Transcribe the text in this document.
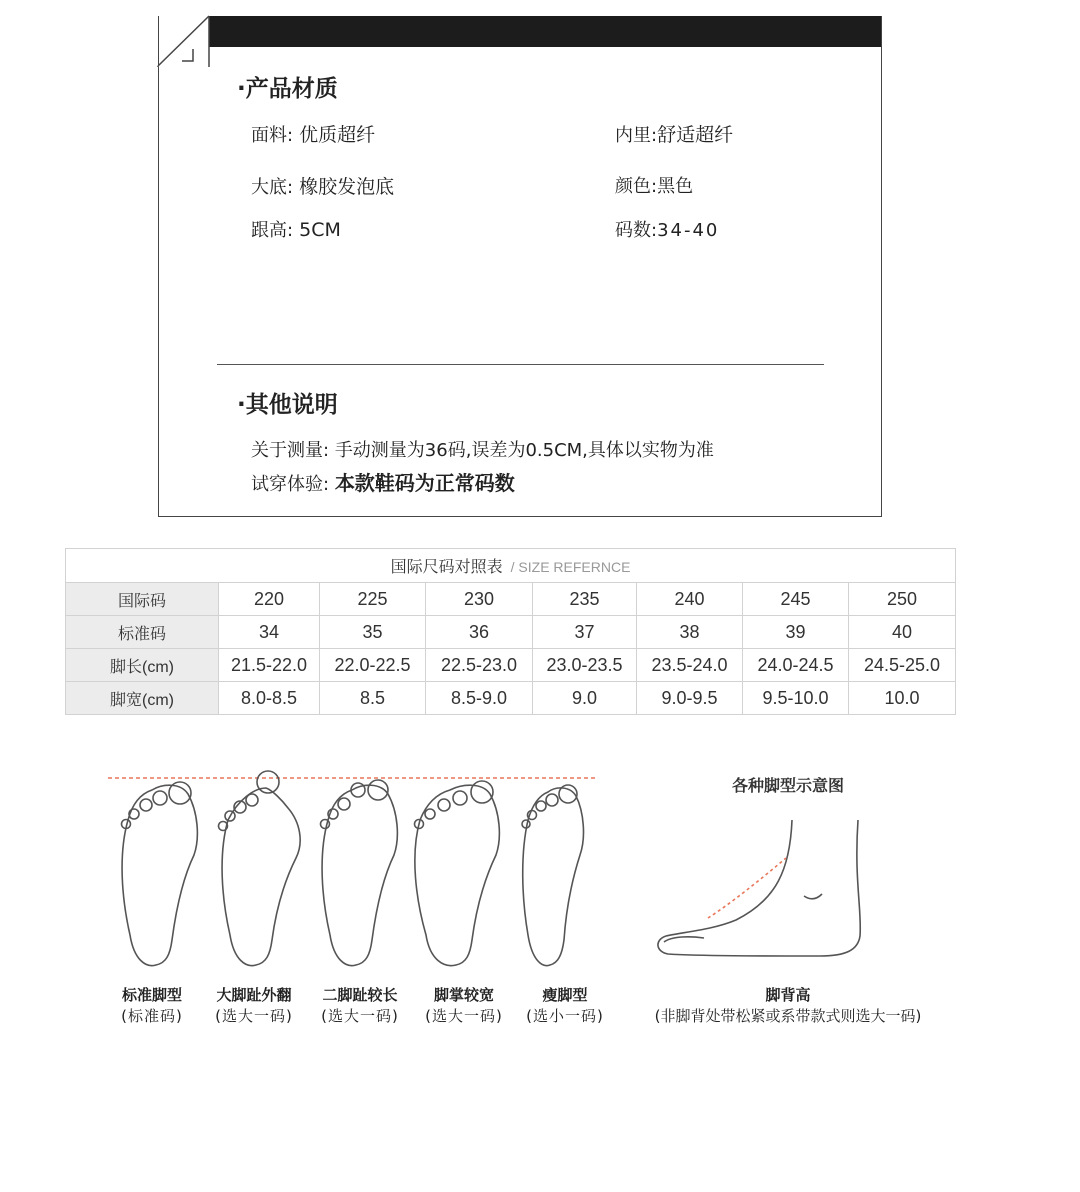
·产品材质
面料: 优质超纤	内里:舒适超纤
大底: 橡胶发泡底	颜色:黑色
跟高: 5CM	码数:34-40
·其他说明
关于测量: 手动测量为36码,误差为0.5CM,具体以实物为准
试穿体验: 本款鞋码为正常码数
国际尺码对照表 / SIZE REFERNCE							
国际码	220	225	230	235	240	245	250
标准码	34	35	36	37	38	39	40
脚长(cm)	21.5-22.0	22.0-22.5	22.5-23.0	23.0-23.5	23.5-24.0	24.0-24.5	24.5-25.0
脚宽(cm)	8.0-8.5	8.5	8.5-9.0	9.0	9.0-9.5	9.5-10.0	10.0
各种脚型示意图
标准脚型
(标准码)
大脚趾外翻
(选大一码)
二脚趾较长
(选大一码)
脚掌较宽
(选大一码)
瘦脚型
(选小一码)
脚背高
(非脚背处带松紧或系带款式则选大一码)
